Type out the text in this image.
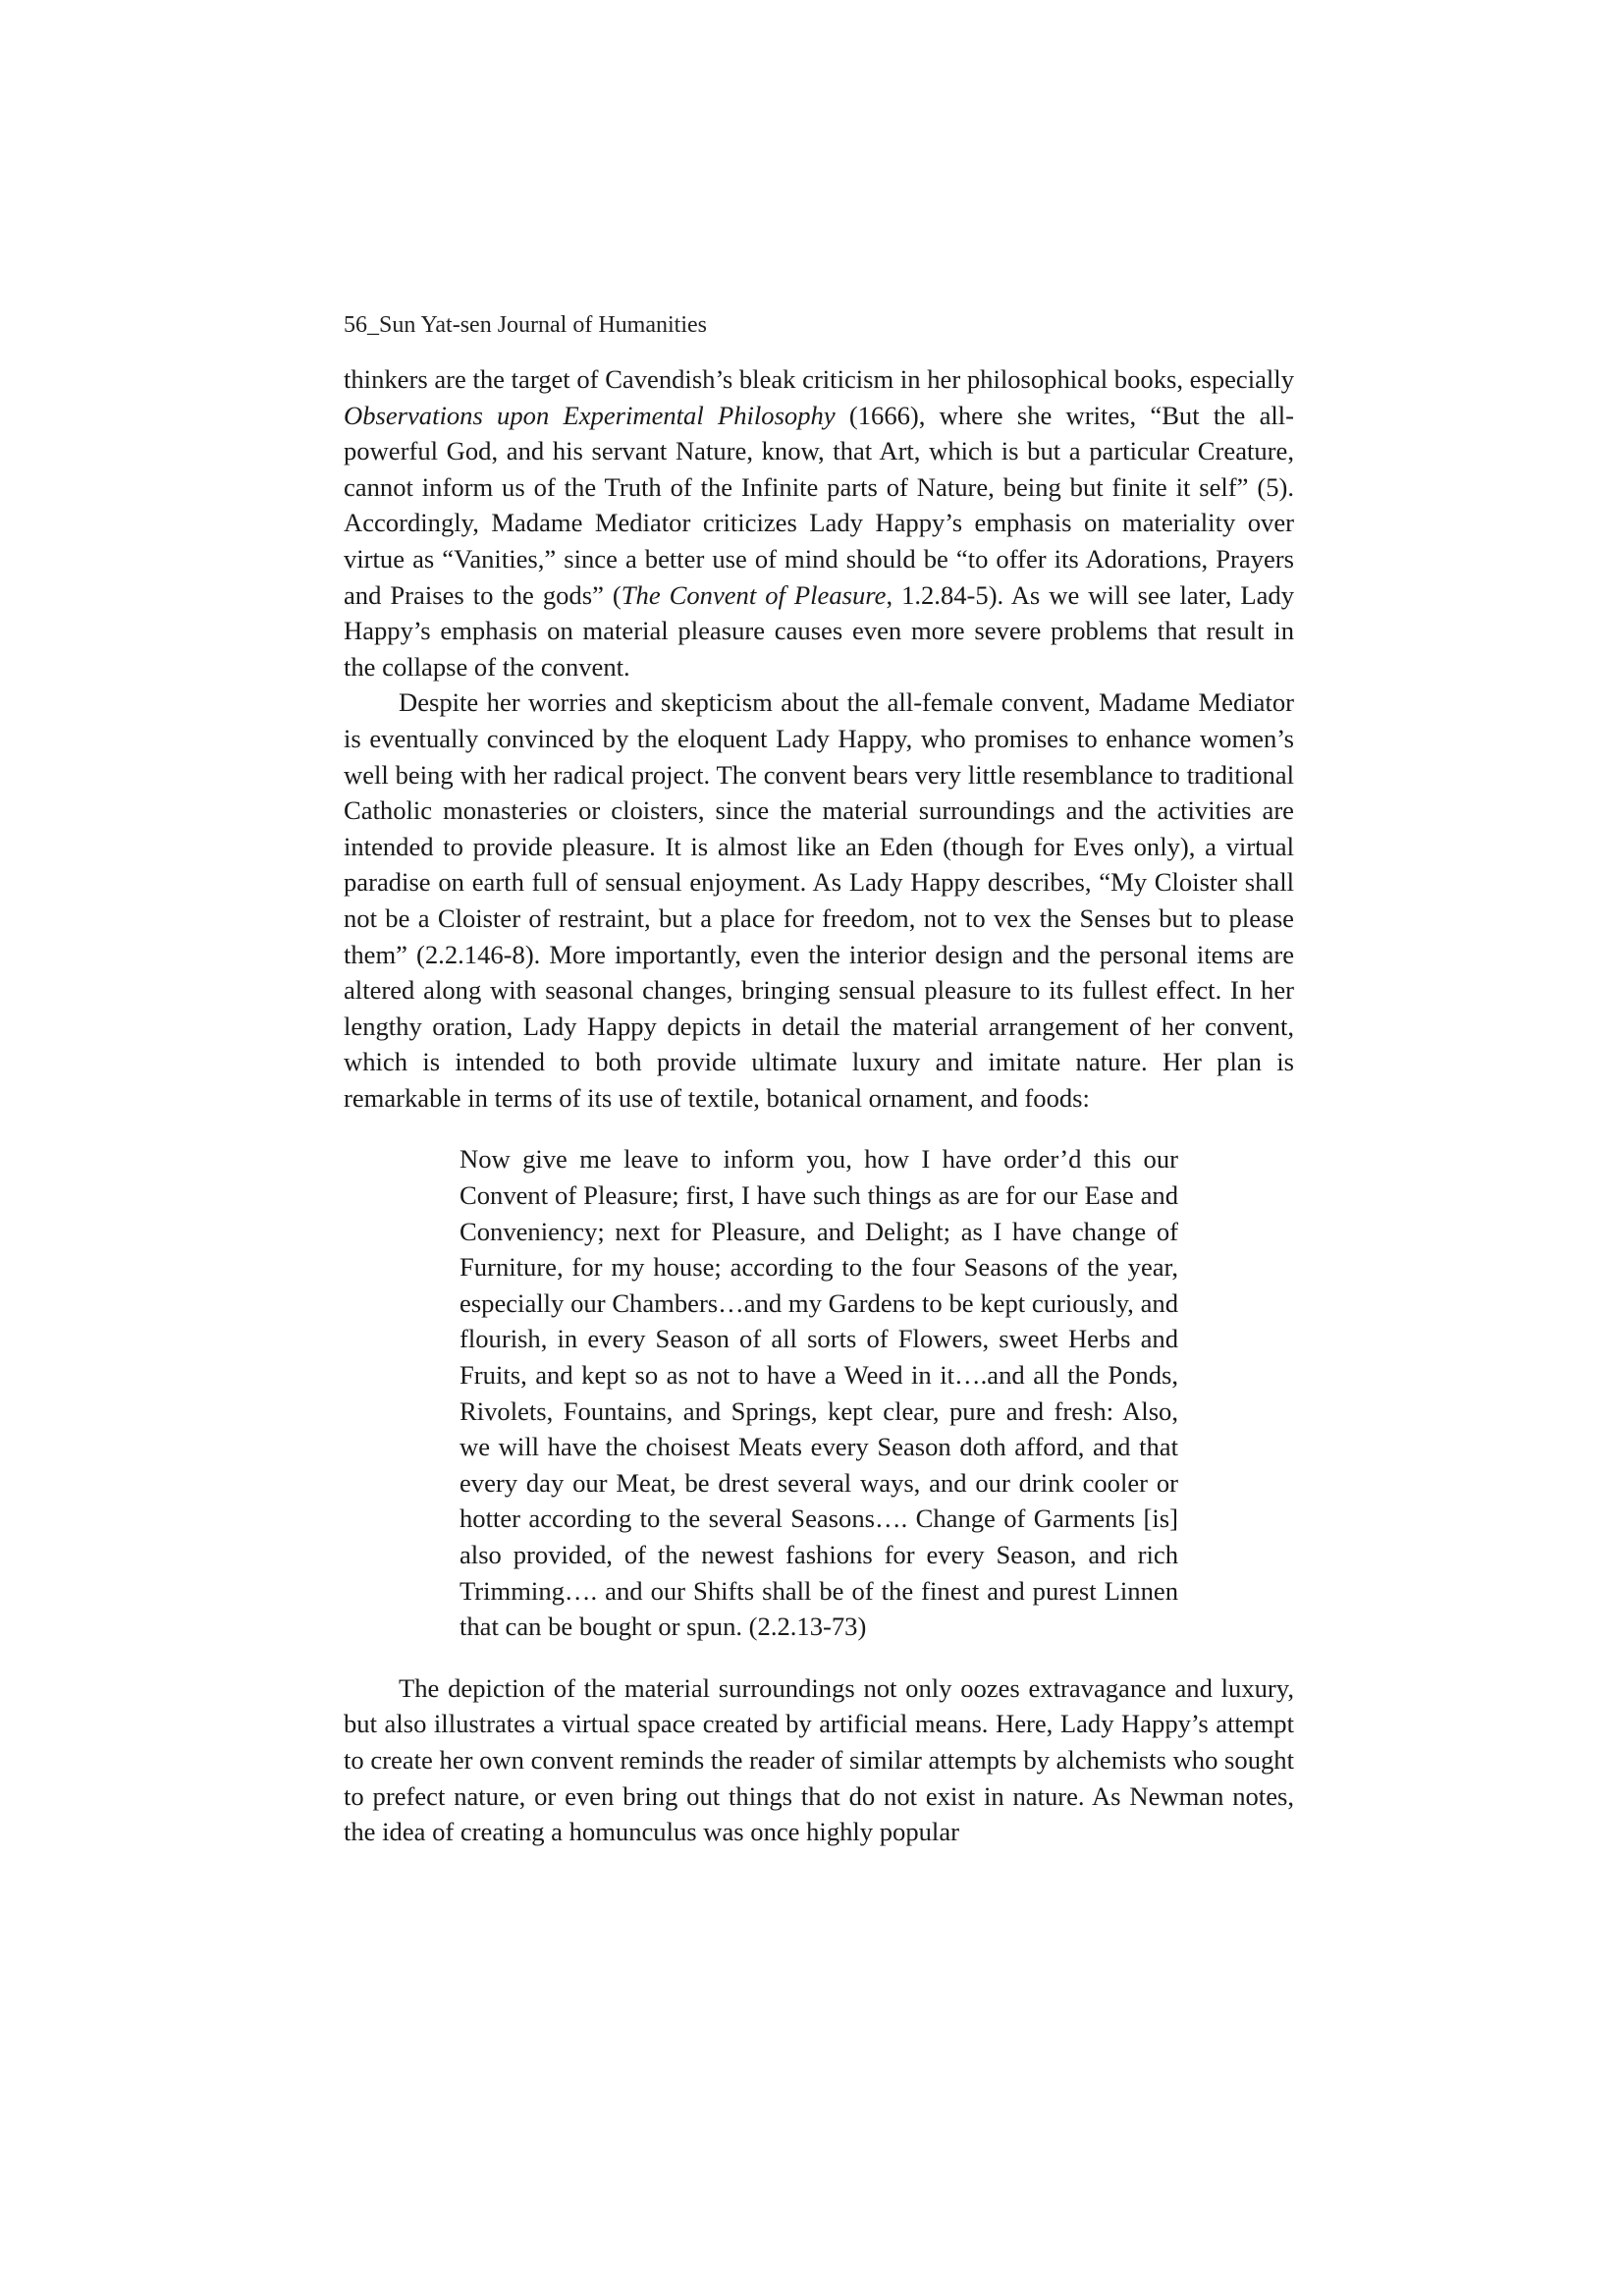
56_Sun Yat-sen Journal of Humanities

thinkers are the target of Cavendish’s bleak criticism in her philosophical books, especially Observations upon Experimental Philosophy (1666), where she writes, “But the all-powerful God, and his servant Nature, know, that Art, which is but a particular Creature, cannot inform us of the Truth of the Infinite parts of Nature, being but finite it self” (5). Accordingly, Madame Mediator criticizes Lady Happy’s emphasis on materiality over virtue as “Vanities,” since a better use of mind should be “to offer its Adorations, Prayers and Praises to the gods” (The Convent of Pleasure, 1.2.84-5). As we will see later, Lady Happy’s emphasis on material pleasure causes even more severe problems that result in the collapse of the convent.

Despite her worries and skepticism about the all-female convent, Madame Mediator is eventually convinced by the eloquent Lady Happy, who promises to enhance women’s well being with her radical project. The convent bears very little resemblance to traditional Catholic monasteries or cloisters, since the material surroundings and the activities are intended to provide pleasure. It is almost like an Eden (though for Eves only), a virtual paradise on earth full of sensual enjoyment. As Lady Happy describes, “My Cloister shall not be a Cloister of restraint, but a place for freedom, not to vex the Senses but to please them” (2.2.146-8). More importantly, even the interior design and the personal items are altered along with seasonal changes, bringing sensual pleasure to its fullest effect. In her lengthy oration, Lady Happy depicts in detail the material arrangement of her convent, which is intended to both provide ultimate luxury and imitate nature. Her plan is remarkable in terms of its use of textile, botanical ornament, and foods:

Now give me leave to inform you, how I have order’d this our Convent of Pleasure; first, I have such things as are for our Ease and Conveniency; next for Pleasure, and Delight; as I have change of Furniture, for my house; according to the four Seasons of the year, especially our Chambers…and my Gardens to be kept curiously, and flourish, in every Season of all sorts of Flowers, sweet Herbs and Fruits, and kept so as not to have a Weed in it….and all the Ponds, Rivolets, Fountains, and Springs, kept clear, pure and fresh: Also, we will have the choisest Meats every Season doth afford, and that every day our Meat, be drest several ways, and our drink cooler or hotter according to the several Seasons…. Change of Garments [is] also provided, of the newest fashions for every Season, and rich Trimming…. and our Shifts shall be of the finest and purest Linnen that can be bought or spun. (2.2.13-73)

The depiction of the material surroundings not only oozes extravagance and luxury, but also illustrates a virtual space created by artificial means. Here, Lady Happy’s attempt to create her own convent reminds the reader of similar attempts by alchemists who sought to prefect nature, or even bring out things that do not exist in nature. As Newman notes, the idea of creating a homunculus was once highly popular
